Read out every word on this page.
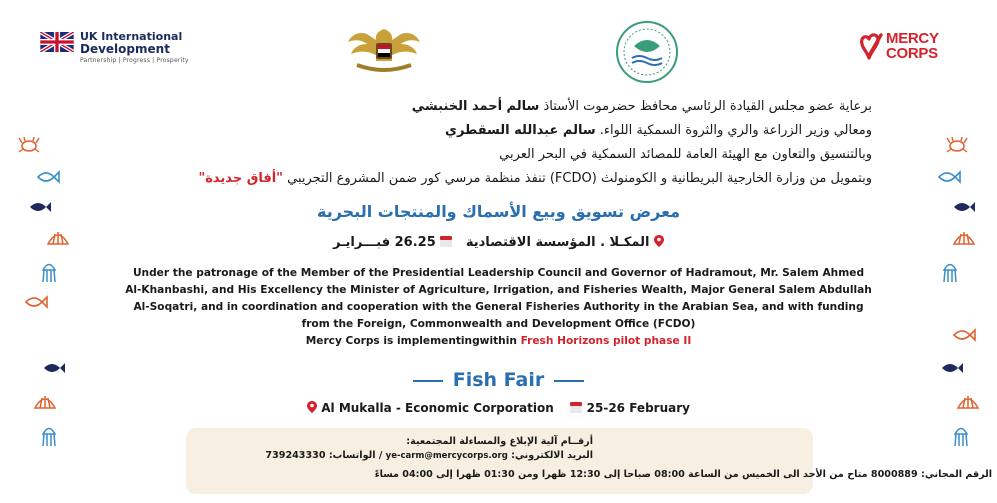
UK International
Development
Partnership | Progress | Prosperity
MERCY
CORPS
برعاية عضو مجلس القيادة الرئاسي محافظ حضرموت الأستاذ سالم أحمد الخنبشي
ومعالي وزير الزراعة والري والثروة السمكية اللواء. سالم عبدالله السقطري
وبالتنسيق والتعاون مع الهيئة العامة للمصائد السمكية في البحر العربي
وبتمويل من وزارة الخارجية البريطانية و الكومنولث (FCDO) تنفذ منظمة مرسي كور ضمن المشروع التجريبي "أفاق جديدة"
معرض تسويق وبيع الأسماك والمنتجات البحرية
المكـلا . المؤسسة الاقتصادية    26.25 فبـــرايـر
Under the patronage of the Member of the Presidential Leadership Council and Governor of Hadramout, Mr. Salem Ahmed
Al-Khanbashi, and His Excellency the Minister of Agriculture, Irrigation, and Fisheries Wealth, Major General Salem Abdullah
Al-Soqatri, and in coordination and cooperation with the General Fisheries Authority in the Arabian Sea, and with funding
from the Foreign, Commonwealth and Development Office (FCDO)
Mercy Corps is implementingwithin Fresh Horizons pilot phase II
Fish Fair
Al Mukalla - Economic Corporation	25-26 February
أرقــام آلية الإبلاغ والمساءلة المجتمعية:
البريد الالكتروني: ye-carm@mercycorps.org / الواتساب: 739243330
الرقم المجاني: 8000889 متاح من الأحد الى الخميس من الساعة 08:00 صباحا إلى 12:30 ظهرا ومن 01:30 ظهرا إلى 04:00 مساءً
